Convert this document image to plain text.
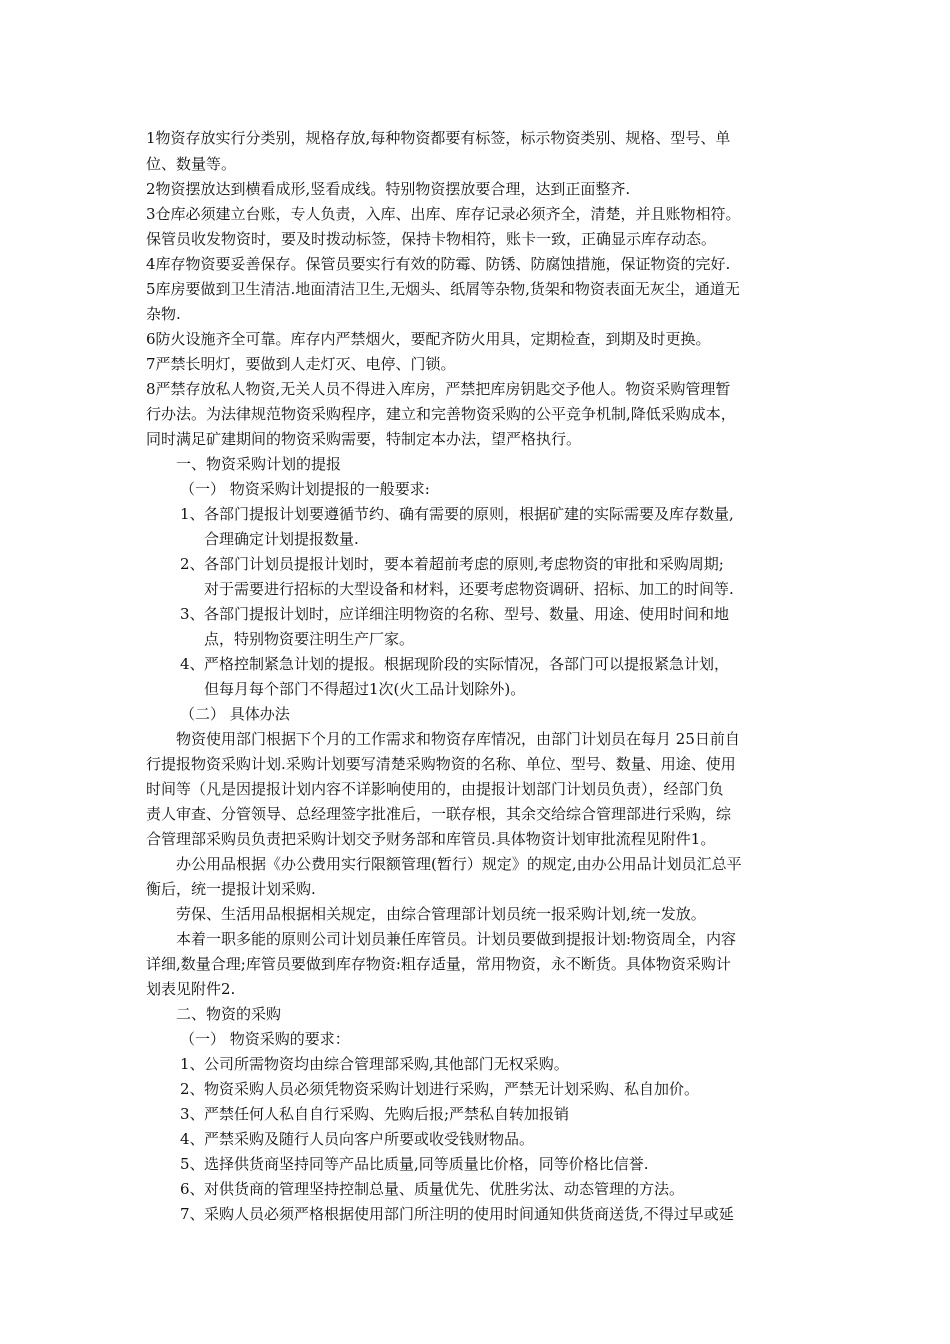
1物资存放实行分类别，规格存放,每种物资都要有标签，标示物资类别、规格、型号、单
位、数量等。
2物资摆放达到横看成形,竖看成线。特别物资摆放要合理，达到正面整齐.
3仓库必须建立台账，专人负责，入库、出库、库存记录必须齐全，清楚，并且账物相符。
保管员收发物资时，要及时拨动标签，保持卡物相符，账卡一致，正确显示库存动态。
4库存物资要妥善保存。保管员要实行有效的防霉、防锈、防腐蚀措施，保证物资的完好.
5库房要做到卫生清洁.地面清洁卫生,无烟头、纸屑等杂物,货架和物资表面无灰尘，通道无
杂物.
6防火设施齐全可靠。库存内严禁烟火，要配齐防火用具，定期检查，到期及时更换。
7严禁长明灯，要做到人走灯灭、电停、门锁。
8严禁存放私人物资,无关人员不得进入库房，严禁把库房钥匙交予他人。物资采购管理暂
行办法。为法律规范物资采购程序，建立和完善物资采购的公平竞争机制,降低采购成本，
同时满足矿建期间的物资采购需要，特制定本办法，望严格执行。
一、物资采购计划的提报
（一） 物资采购计划提报的一般要求:
1、 各部门提报计划要遵循节约、确有需要的原则，根据矿建的实际需要及库存数量,
合理确定计划提报数量.
2、 各部门计划员提报计划时，要本着超前考虑的原则,考虑物资的审批和采购周期;
对于需要进行招标的大型设备和材料，还要考虑物资调研、招标、加工的时间等.
3、 各部门提报计划时，应详细注明物资的名称、型号、数量、用途、使用时间和地
点，特别物资要注明生产厂家。
4、 严格控制紧急计划的提报。根据现阶段的实际情况，各部门可以提报紧急计划，
但每月每个部门不得超过1次(火工品计划除外)。
（二） 具体办法
物资使用部门根据下个月的工作需求和物资存库情况，由部门计划员在每月 25日前自
行提报物资采购计划.采购计划要写清楚采购物资的名称、单位、型号、数量、用途、使用
时间等（凡是因提报计划内容不详影响使用的，由提报计划部门计划员负责），经部门负
责人审查、分管领导、总经理签字批准后，一联存根，其余交给综合管理部进行采购，综
合管理部采购员负责把采购计划交予财务部和库管员.具体物资计划审批流程见附件1。
办公用品根据《办公费用实行限额管理(暂行）规定》的规定,由办公用品计划员汇总平
衡后，统一提报计划采购.
劳保、生活用品根据相关规定，由综合管理部计划员统一报采购计划,统一发放。
本着一职多能的原则公司计划员兼任库管员。计划员要做到提报计划:物资周全，内容
详细,数量合理;库管员要做到库存物资:粗存适量，常用物资，永不断货。具体物资采购计
划表见附件2.
二、物资的采购
（一） 物资采购的要求：
1、 公司所需物资均由综合管理部采购,其他部门无权采购。
2、 物资采购人员必须凭物资采购计划进行采购，严禁无计划采购、私自加价。
3、 严禁任何人私自自行采购、先购后报;严禁私自转加报销
4、 严禁采购及随行人员向客户所要或收受钱财物品。
5、 选择供货商坚持同等产品比质量,同等质量比价格，同等价格比信誉.
6、 对供货商的管理坚持控制总量、质量优先、优胜劣汰、动态管理的方法。
7、 采购人员必须严格根据使用部门所注明的使用时间通知供货商送货,不得过早或延
